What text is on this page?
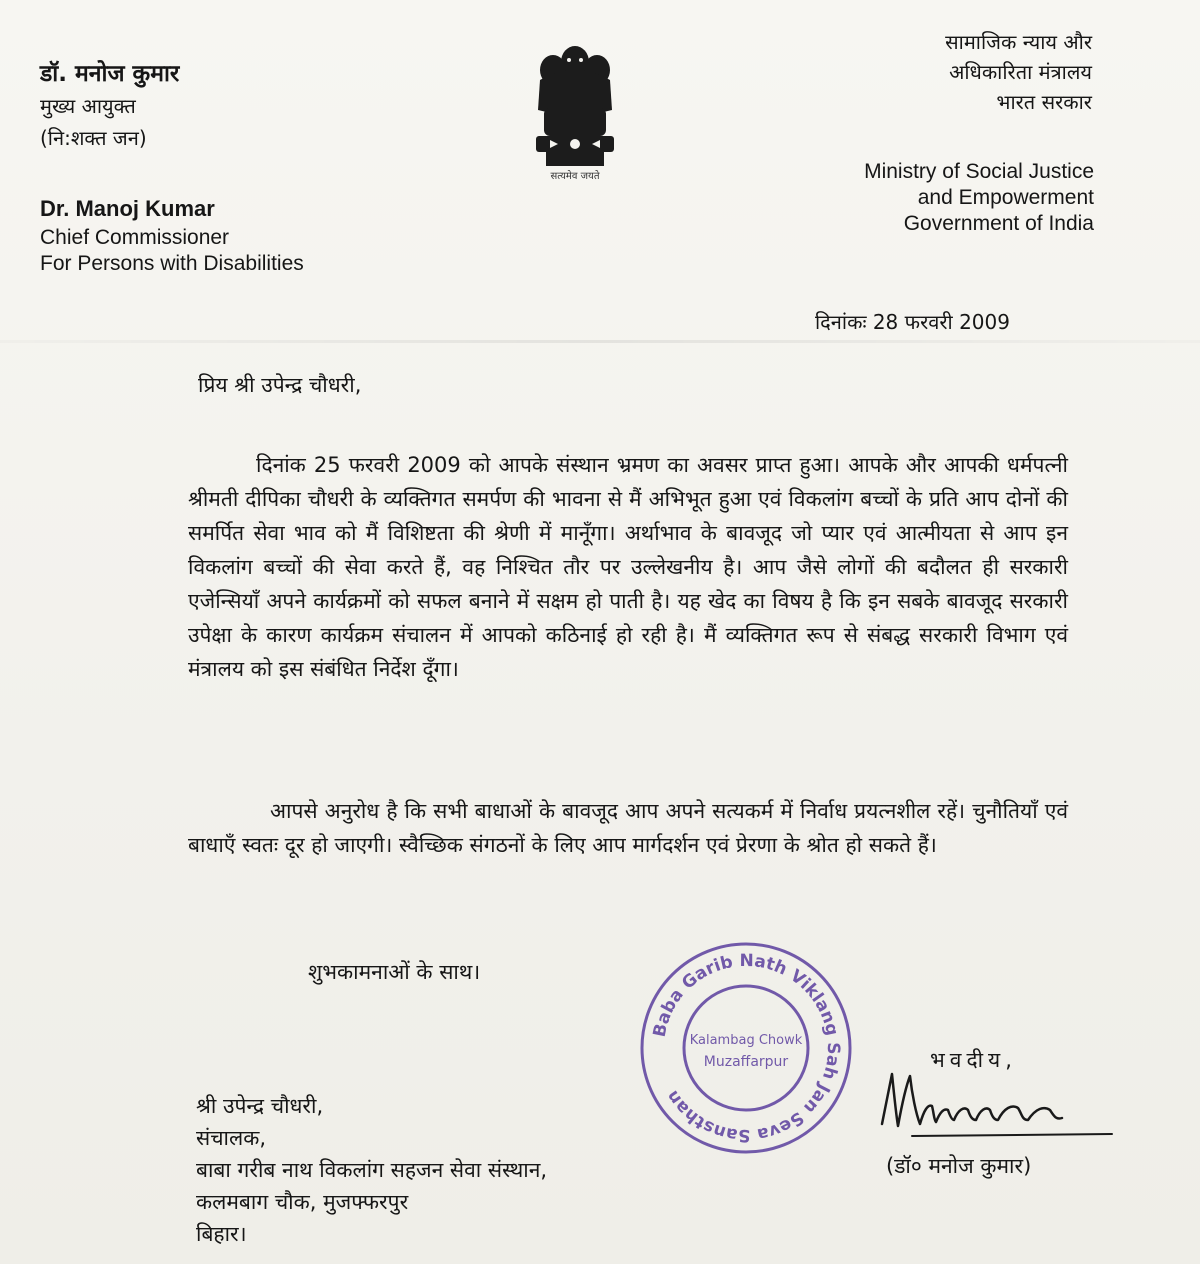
डॉ. मनोज कुमार
मुख्य आयुक्त
(नि:शक्त जन)
Dr. Manoj Kumar
Chief Commissioner
For Persons with Disabilities
सत्यमेव जयते
सामाजिक न्याय और
अधिकारिता मंत्रालय
भारत सरकार
Ministry of Social Justice
and Empowerment
Government of India
दिनांकः 28 फरवरी 2009
प्रिय श्री उपेन्द्र चौधरी,
दिनांक 25 फरवरी 2009 को आपके संस्थान भ्रमण का अवसर प्राप्त हुआ। आपके और आपकी धर्मपत्नी श्रीमती दीपिका चौधरी के व्यक्तिगत समर्पण की भावना से मैं अभिभूत हुआ एवं विकलांग बच्चों के प्रति आप दोनों की समर्पित सेवा भाव को मैं विशिष्टता की श्रेणी में मानूँगा। अर्थाभाव के बावजूद जो प्यार एवं आत्मीयता से आप इन विकलांग बच्चों की सेवा करते हैं, वह निश्चित तौर पर उल्लेखनीय है। आप जैसे लोगों की बदौलत ही सरकारी एजेन्सियाँ अपने कार्यक्रमों को सफल बनाने में सक्षम हो पाती है। यह खेद का विषय है कि इन सबके बावजूद सरकारी उपेक्षा के कारण कार्यक्रम संचालन में आपको कठिनाई हो रही है। मैं व्यक्तिगत रूप से संबद्ध सरकारी विभाग एवं मंत्रालय को इस संबंधित निर्देश दूँगा।
आपसे अनुरोध है कि सभी बाधाओं के बावजूद आप अपने सत्यकर्म में निर्वाध प्रयत्नशील रहें। चुनौतियाँ एवं बाधाएँ स्वतः दूर हो जाएगी। स्वैच्छिक संगठनों के लिए आप मार्गदर्शन एवं प्रेरणा के श्रोत हो सकते हैं।
शुभकामनाओं के साथ।
Baba Garib Nath Viklang Sah Jan Seva Sansthan
Kalambag Chowk
Muzaffarpur	भवदीय,
(डॉ० मनोज कुमार)
श्री उपेन्द्र चौधरी,
संचालक,
बाबा गरीब नाथ विकलांग सहजन सेवा संस्थान,
कलमबाग चौक, मुजफ्फरपुर
बिहार।
